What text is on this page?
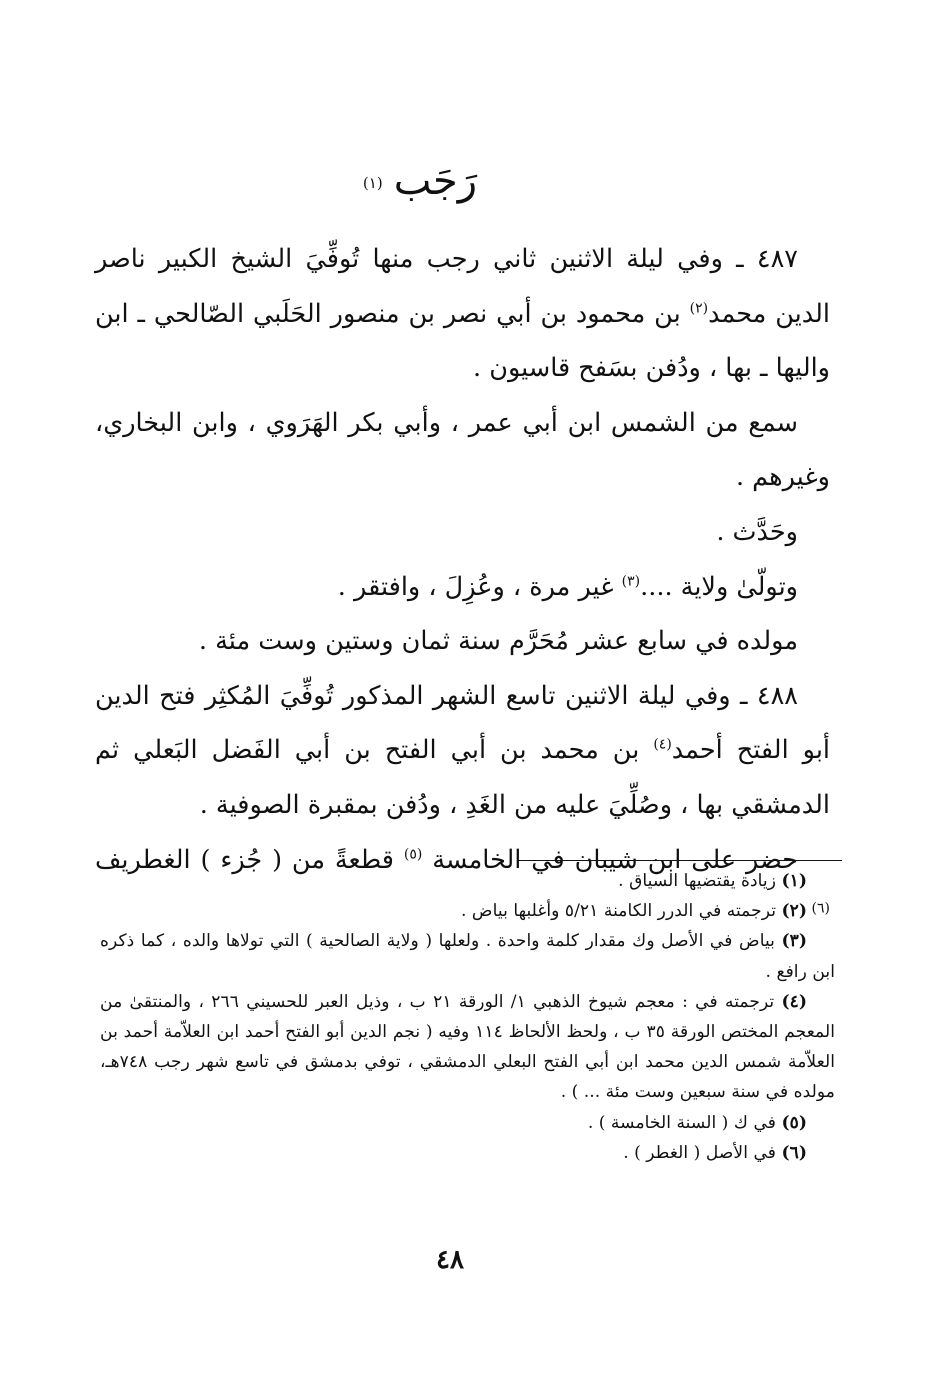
رَجَب (١)

٤٨٧ ـ وفي ليلة الاثنين ثاني رجب منها تُوفِّيَ الشيخ الكبير ناصر الدين محمد$^{(٢)}$ بن محمود بن أبي نصر بن منصور الحَلَبي الصّالحي ـ ابن واليها ـ بها ، ودُفن بسَفح قاسيون .

سمع من الشمس ابن أبي عمر ، وأبي بكر الهَرَوي ، وابن البخاري، وغيرهم .

وحَدَّث .

وتولّىٰ ولاية ....$^{(٣)}$ غير مرة ، وعُزِلَ ، وافتقر .

مولده في سابع عشر مُحَرَّم سنة ثمان وستين وست مئة .

٤٨٨ ـ وفي ليلة الاثنين تاسع الشهر المذكور تُوفِّيَ المُكثِر فتح الدين أبو الفتح أحمد$^{(٤)}$ بن محمد بن أبي الفتح بن أبي الفَضل البَعلي ثم الدمشقي بها ، وصُلِّيَ عليه من الغَدِ ، ودُفن بمقبرة الصوفية .

حضر على ابن شيبان في الخامسة $^{(٥)}$ قطعةً من ( جُزء ) الغطريف $^{(٦)}$

(١) زيادة يقتضيها السياق .

(٢) ترجمته في الدرر الكامنة ٥/٢١ وأغلبها بياض .

(٣) بياض في الأصل وك مقدار كلمة واحدة . ولعلها ( ولاية الصالحية ) التي تولاها والده ، كما ذكره ابن رافع .

(٤) ترجمته في : معجم شيوخ الذهبي ١/ الورقة ٢١ ب ، وذيل العبر للحسيني ٢٦٦ ، والمنتقىٰ من المعجم المختص الورقة ٣٥ ب ، ولحظ الألحاظ ١١٤ وفيه ( نجم الدين أبو الفتح أحمد ابن العلاّمة أحمد بن العلاّمة شمس الدين محمد ابن أبي الفتح البعلي الدمشقي ، توفي بدمشق في تاسع شهر رجب ٧٤٨هـ، مولده في سنة سبعين وست مئة ... ) .

(٥) في ك ( السنة الخامسة ) .

(٦) في الأصل ( الغطر ) .

٤٨
